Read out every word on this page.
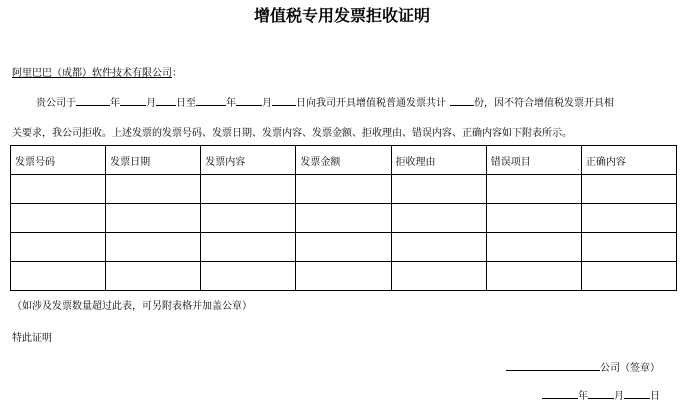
增值税专用发票拒收证明
阿里巴巴（成都）软件技术有限公司：
贵公司于	年	月 日至	年	月 日向我司开具增值税普通发票共计	份，因不符合增值税发票开具相
关要求，我公司拒收。上述发票的发票号码、发票日期、发票内容、发票金额、拒收理由、错误内容、正确内容如下附表所示。
发票号码	发票日期	发票内容	发票金额	拒收理由	错误项目	正确内容

（如涉及发票数量超过此表，可另附表格并加盖公章）
特此证明
公司（签章）
年	月	日
